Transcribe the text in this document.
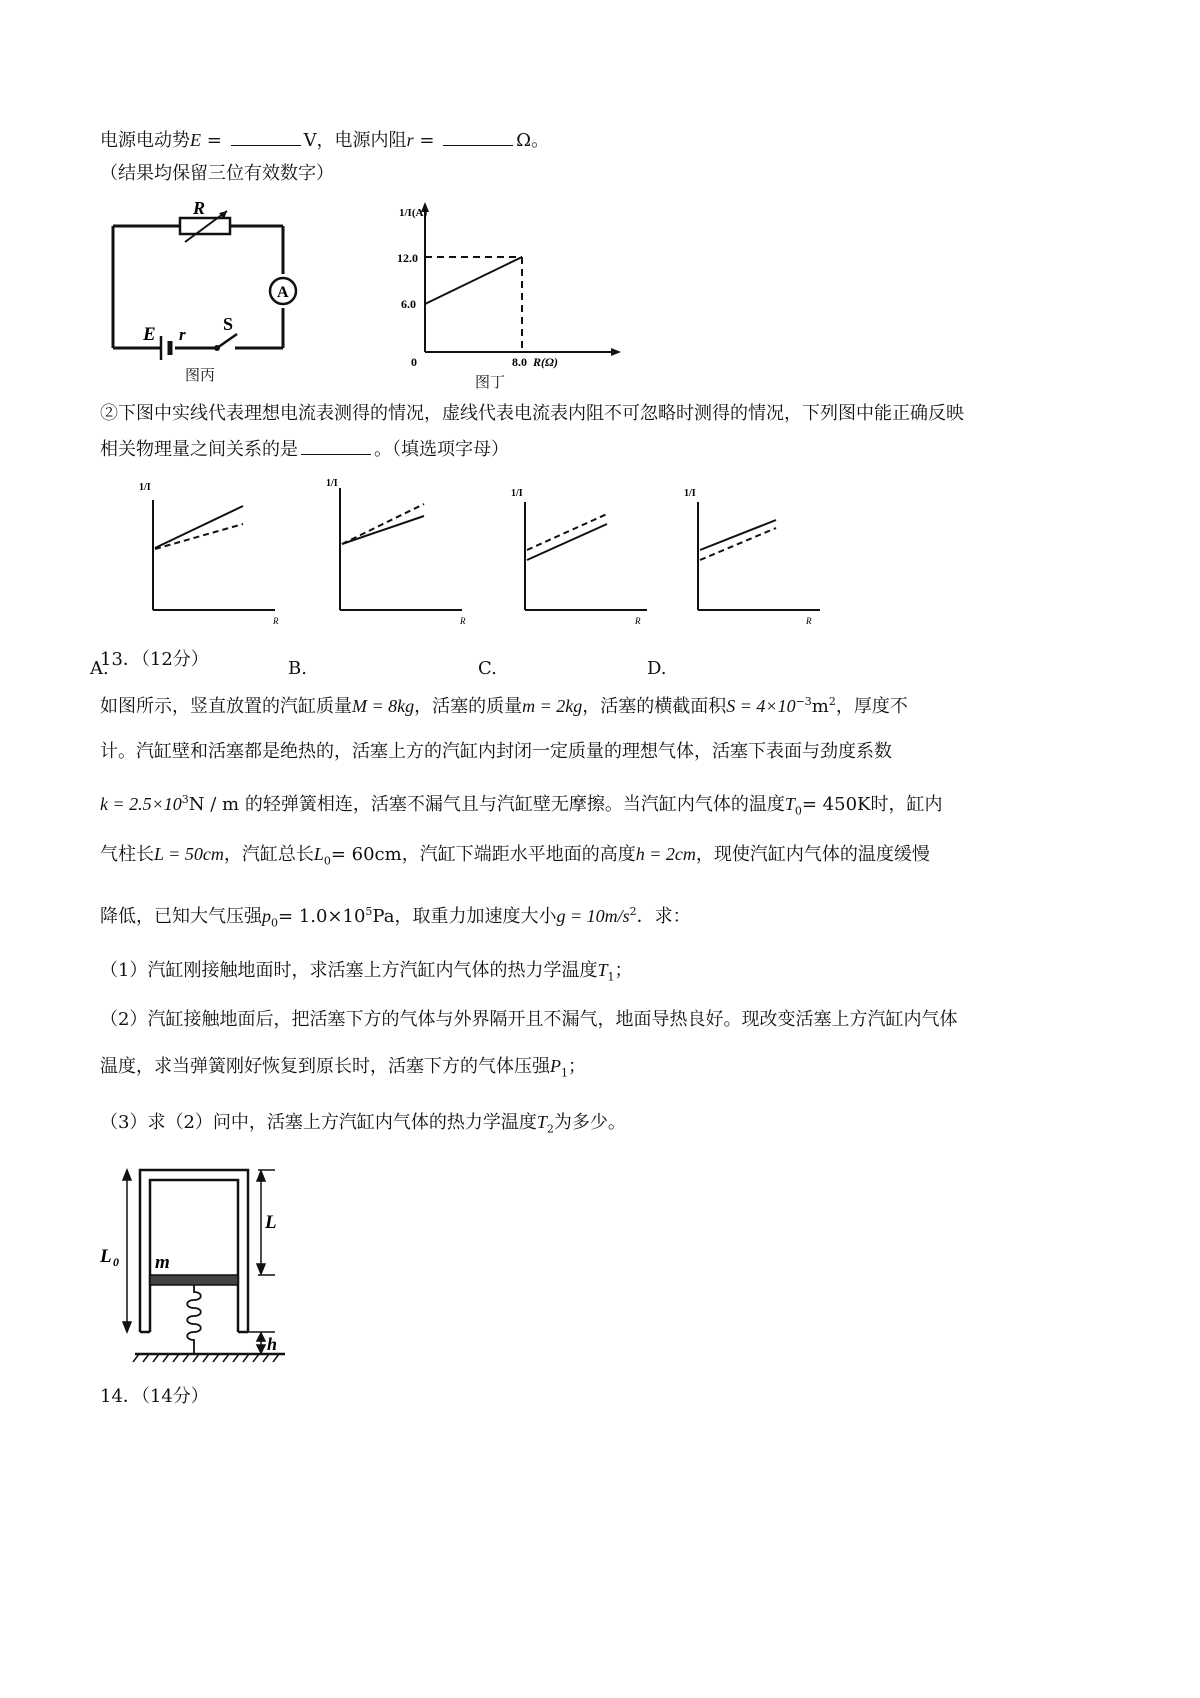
电源电动势E =	V，电源内阻r =	Ω。
（结果均保留三位有效数字）
R
A
E r
S
图丙
12.0
6.0
0	8.0 R(Ω)
1/I(A)
图丁
②下图中实线代表理想电流表测得的情况，虚线代表电流表内阻不可忽略时测得的情况，下列图中能正确反映
相关物理量之间关系的是	。（填选项字母）
1/I
R
A.
1/I
R
B.
1/I
R
C.
1/I
R
D.
13．（12分）
如图所示，竖直放置的汽缸质量M = 8kg，活塞的质量m = 2kg，活塞的横截面积$S = 4\times 10^{-3}m^2$，厚度不
计。汽缸壁和活塞都是绝热的，活塞上方的汽缸内封闭一定质量的理想气体，活塞下表面与劲度系数
$k = 2.5\times 10^3N / m$ 的轻弹簧相连，活塞不漏气且与汽缸壁无摩擦。当汽缸内气体的温度$T_0= 450K$时，缸内
气柱长L = 50cm，汽缸总长$L_0= 60cm$，汽缸下端距水平地面的高度h = 2cm，现使汽缸内气体的温度缓慢
降低，已知大气压强$p_0= 1.0\times 10^5Pa$，取重力加速度大小$g = 10m/s^2$．求：
（1）汽缸刚接触地面时，求活塞上方汽缸内气体的热力学温度$T_1$；
（2）汽缸接触地面后，把活塞下方的气体与外界隔开且不漏气，地面导热良好。现改变活塞上方汽缸内气体
温度，求当弹簧刚好恢复到原长时，活塞下方的气体压强$P_1$；
（3）求（2）问中，活塞上方汽缸内气体的热力学温度$T_2$为多少。
m
L 0
L
h
14．（14分）
